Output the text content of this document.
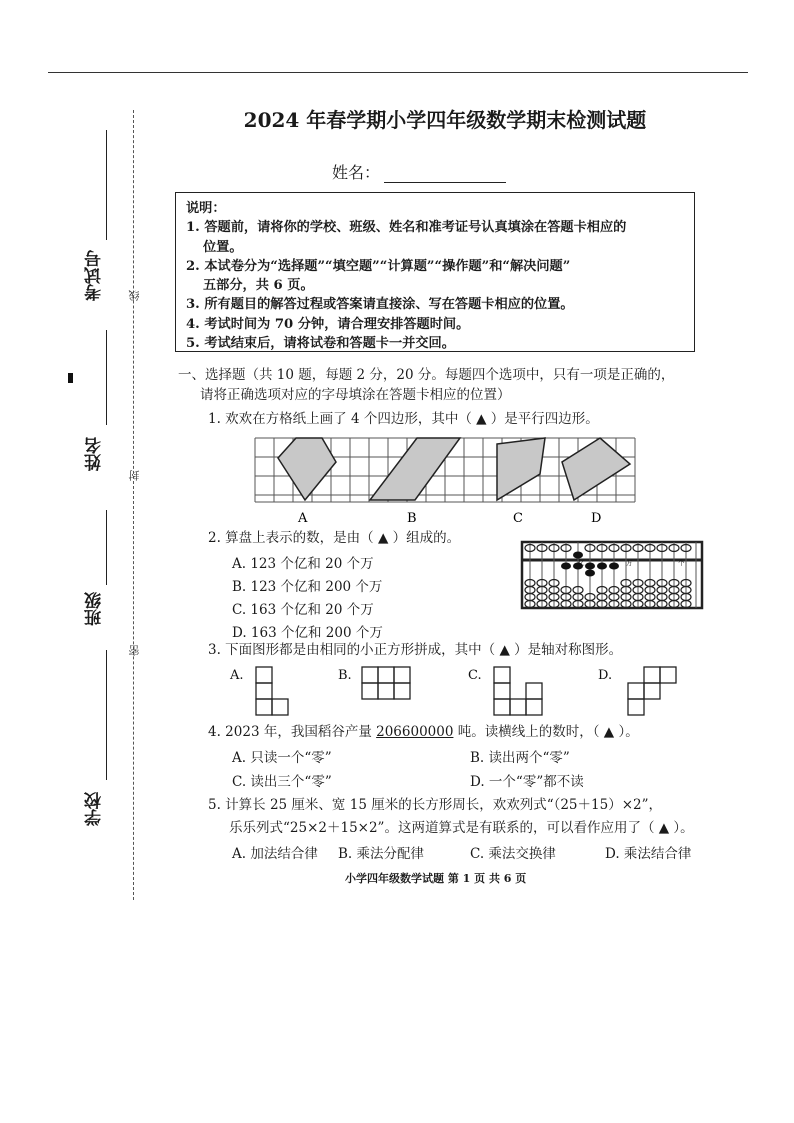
考试号
姓名
班级
学校
线
封
密
2024 年春学期小学四年级数学期末检测试题
姓名：

说明：

1. 答题前，请将你的学校、班级、姓名和准考证号认真填涂在答题卡相应的

位置。

2. 本试卷分为“选择题”“填空题”“计算题”“操作题”和“解决问题”

五部分，共 6 页。

3. 所有题目的解答过程或答案请直接涂、写在答题卡相应的位置。

4. 考试时间为 70 分钟，请合理安排答题时间。

5. 考试结束后，请将试卷和答题卡一并交回。

一、选择题（共 10 题，每题 2 分，20 分。每题四个选项中，只有一项是正确的，
请将正确选项对应的字母填涂在答题卡相应的位置）
1. 欢欢在方格纸上画了 4 个四边形，其中（ ▲ ）是平行四边形。
A	B	C	D
2. 算盘上表示的数，是由（ ▲ ）组成的。
A. 123 个亿和 20 个万
B. 123 个亿和 200 个万
C. 163 个亿和 20 个万
D. 163 个亿和 200 个万
亿	万	个
3. 下面图形都是由相同的小正方形拼成，其中（ ▲ ）是轴对称图形。
A.	B.	C.	D.
4. 2023 年，我国稻谷产量 206600000 吨。读横线上的数时，（ ▲ ）。
A. 只读一个“零”	B. 读出两个“零”
C. 读出三个“零”	D. 一个“零”都不读
5. 计算长 25 厘米、宽 15 厘米的长方形周长，欢欢列式“（25＋15）×2”，
乐乐列式“25×2＋15×2”。这两道算式是有联系的，可以看作应用了（ ▲ ）。
A. 加法结合律 B. 乘法分配律	C. 乘法交换律	D. 乘法结合律
小学四年级数学试题 第 1 页 共 6 页
